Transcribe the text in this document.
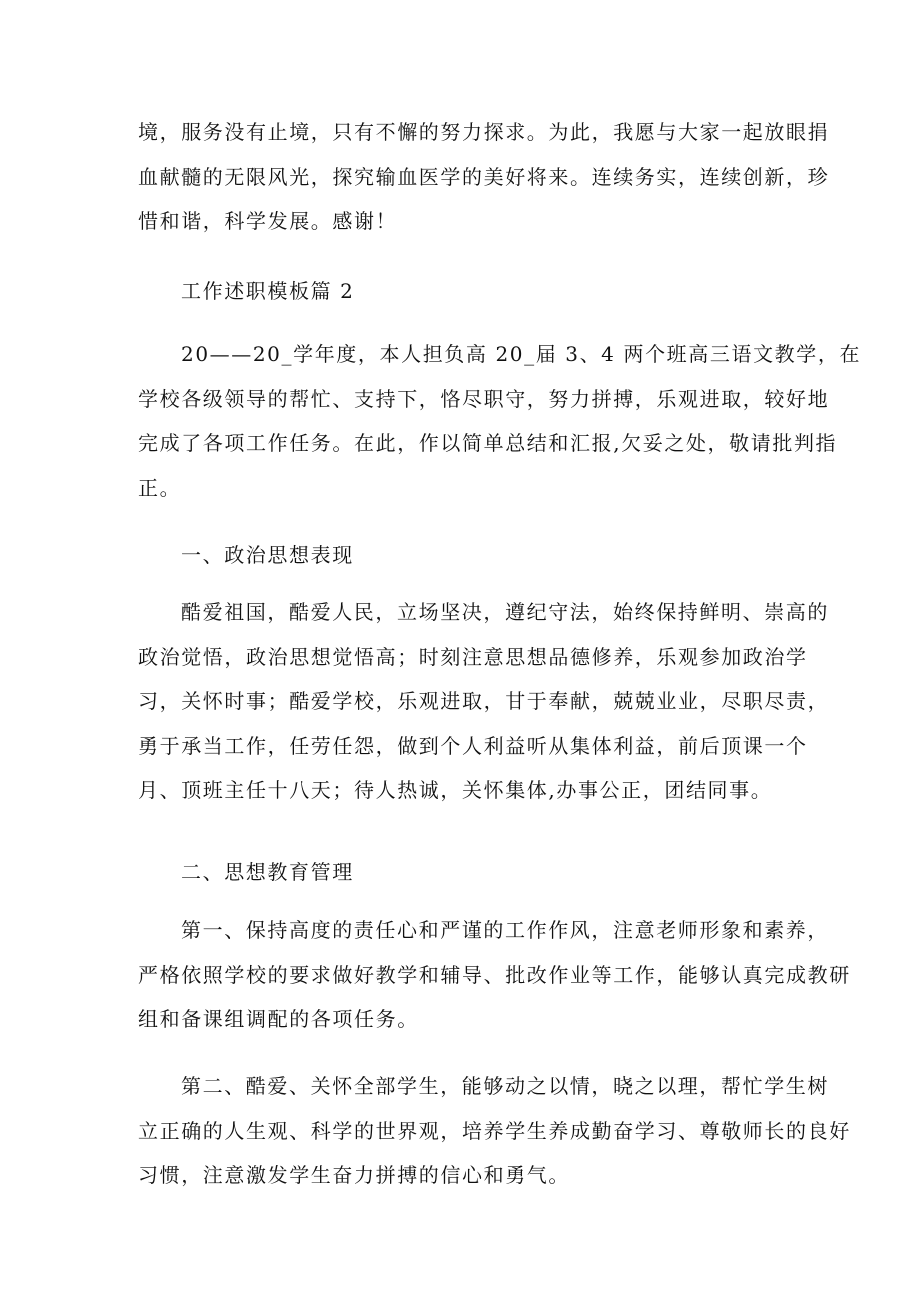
境，服务没有止境，只有不懈的努力探求。为此，我愿与大家一起放眼捐
血献髓的无限风光，探究输血医学的美好将来。连续务实，连续创新，珍
惜和谐，科学发展。感谢！
工作述职模板篇 2
20——20_学年度，本人担负高 20_届 3、4 两个班高三语文教学，在
学校各级领导的帮忙、支持下，恪尽职守，努力拼搏，乐观进取，较好地
完成了各项工作任务。在此，作以简单总结和汇报,欠妥之处，敬请批判指
正。
一、政治思想表现
酷爱祖国，酷爱人民，立场坚决，遵纪守法，始终保持鲜明、崇高的
政治觉悟，政治思想觉悟高；时刻注意思想品德修养，乐观参加政治学
习，关怀时事；酷爱学校，乐观进取，甘于奉献，兢兢业业，尽职尽责，
勇于承当工作，任劳任怨，做到个人利益听从集体利益，前后顶课一个
月、顶班主任十八天；待人热诚，关怀集体,办事公正，团结同事。
二、思想教育管理
第一、保持高度的责任心和严谨的工作作风，注意老师形象和素养，
严格依照学校的要求做好教学和辅导、批改作业等工作，能够认真完成教研
组和备课组调配的各项任务。
第二、酷爱、关怀全部学生，能够动之以情，晓之以理，帮忙学生树
立正确的人生观、科学的世界观，培养学生养成勤奋学习、尊敬师长的良好
习惯，注意激发学生奋力拼搏的信心和勇气。
